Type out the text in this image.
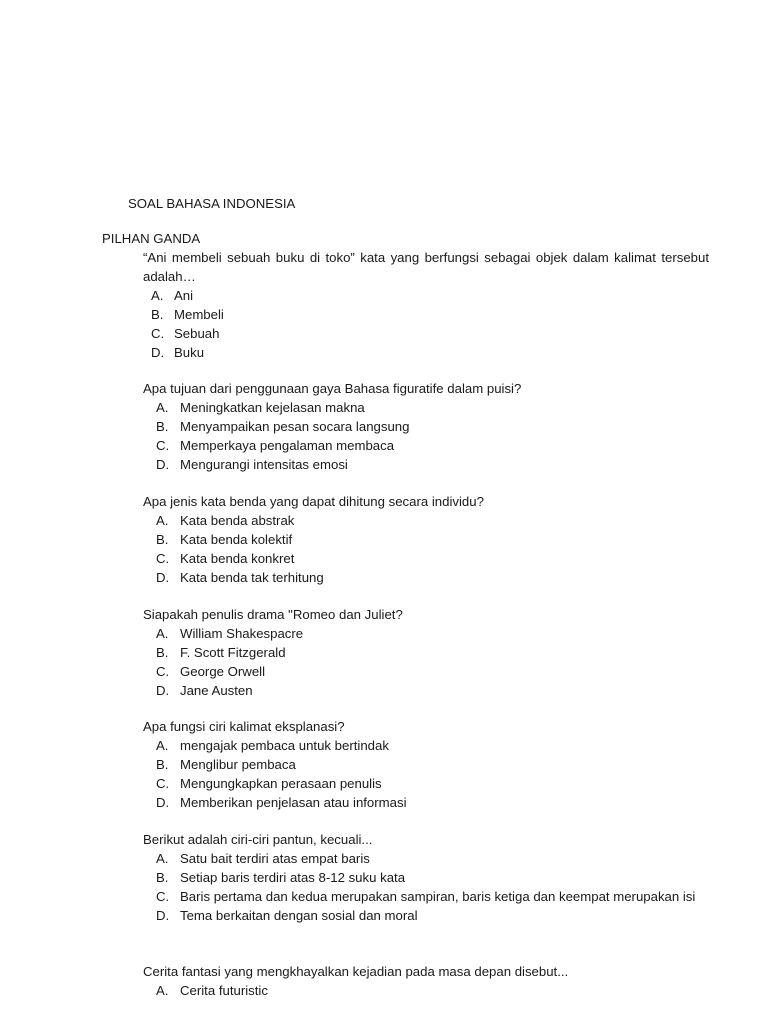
SOAL BAHASA INDONESIA
PILHAN GANDA

“Ani membeli sebuah buku di toko” kata yang berfungsi sebagai objek dalam kalimat tersebut adalah…

A. Ani
B. Membeli
C. Sebuah
D. Buku

Apa tujuan dari penggunaan gaya Bahasa figuratife dalam puisi?

A. Meningkatkan kejelasan makna
B. Menyampaikan pesan socara langsung
C. Memperkaya pengalaman membaca
D. Mengurangi intensitas emosi

Apa jenis kata benda yang dapat dihitung secara individu?

A. Kata benda abstrak
B. Kata benda kolektif
C. Kata benda konkret
D. Kata benda tak terhitung

Siapakah penulis drama "Romeo dan Juliet?

A. William Shakespacre
B. F. Scott Fitzgerald
C. George Orwell
D. Jane Austen

Apa fungsi ciri kalimat eksplanasi?

A. mengajak pembaca untuk bertindak
B. Menglibur pembaca
C. Mengungkapkan perasaan penulis
D. Memberikan penjelasan atau informasi

Berikut adalah ciri-ciri pantun, kecuali...

A. Satu bait terdiri atas empat baris
B. Setiap baris terdiri atas 8-12 suku kata
C. Baris pertama dan kedua merupakan sampiran, baris ketiga dan keempat merupakan isi
D. Tema berkaitan dengan sosial dan moral

Cerita fantasi yang mengkhayalkan kejadian pada masa depan disebut...

A. Cerita futuristic
